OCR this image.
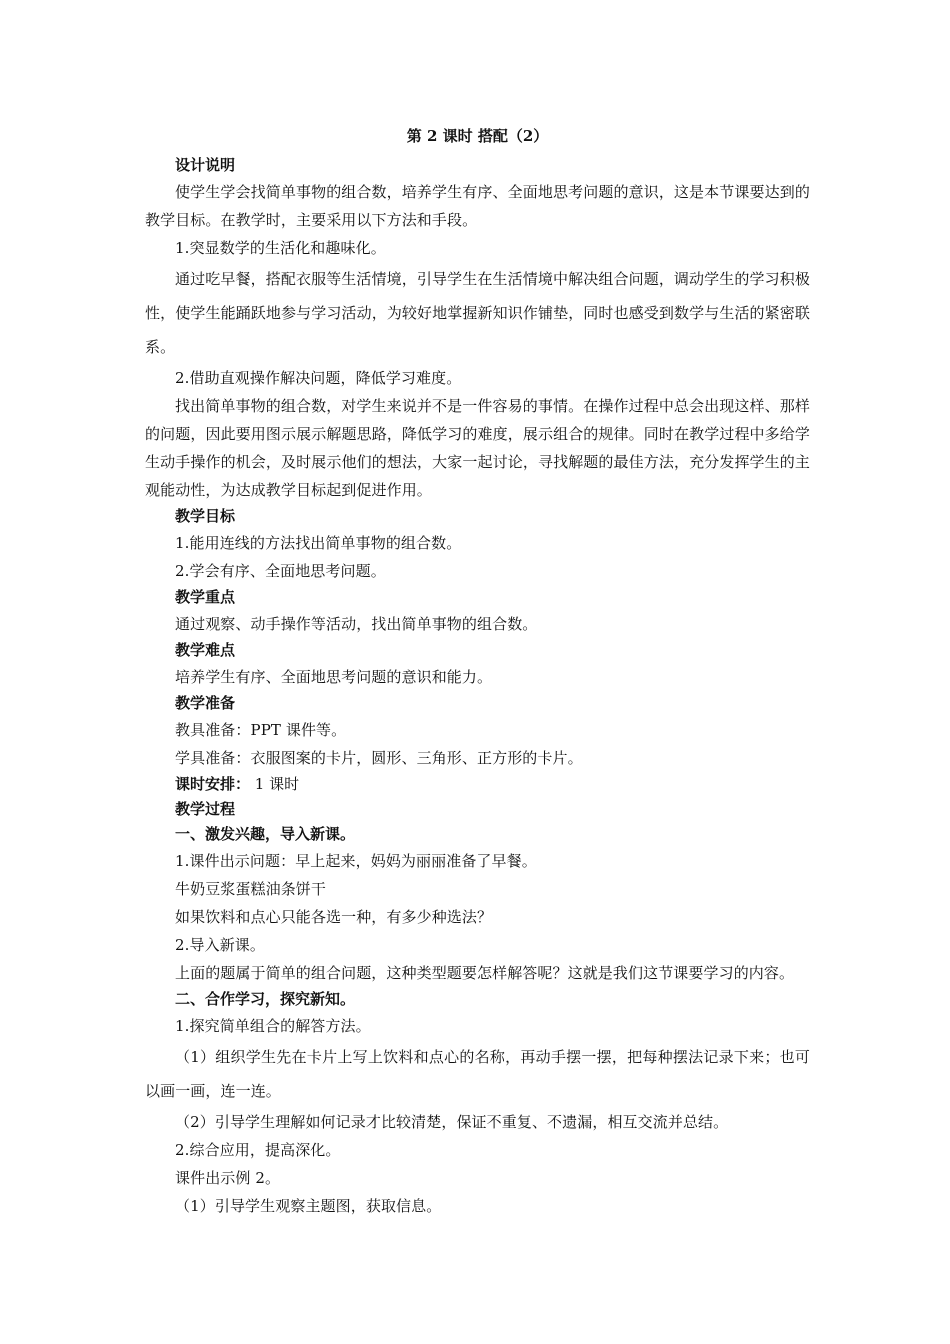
第 2 课时 搭配（2）

设计说明

使学生学会找简单事物的组合数，培养学生有序、全面地思考问题的意识，这是本节课要达到的教学目标。在教学时，主要采用以下方法和手段。

1.突显数学的生活化和趣味化。

通过吃早餐，搭配衣服等生活情境，引导学生在生活情境中解决组合问题，调动学生的学习积极性，使学生能踊跃地参与学习活动，为较好地掌握新知识作铺垫，同时也感受到数学与生活的紧密联系。

2.借助直观操作解决问题，降低学习难度。

找出简单事物的组合数，对学生来说并不是一件容易的事情。在操作过程中总会出现这样、那样的问题，因此要用图示展示解题思路，降低学习的难度，展示组合的规律。同时在教学过程中多给学生动手操作的机会，及时展示他们的想法，大家一起讨论，寻找解题的最佳方法，充分发挥学生的主观能动性，为达成教学目标起到促进作用。

教学目标

1.能用连线的方法找出简单事物的组合数。

2.学会有序、全面地思考问题。

教学重点

通过观察、动手操作等活动，找出简单事物的组合数。

教学难点

培养学生有序、全面地思考问题的意识和能力。

教学准备

教具准备：PPT 课件等。

学具准备：衣服图案的卡片，圆形、三角形、正方形的卡片。

课时安排： 1 课时

教学过程

一、激发兴趣，导入新课。

1.课件出示问题：早上起来，妈妈为丽丽准备了早餐。

牛奶豆浆蛋糕油条饼干

如果饮料和点心只能各选一种，有多少种选法？

2.导入新课。

上面的题属于简单的组合问题，这种类型题要怎样解答呢？这就是我们这节课要学习的内容。

二、合作学习，探究新知。

1.探究简单组合的解答方法。

（1）组织学生先在卡片上写上饮料和点心的名称，再动手摆一摆，把每种摆法记录下来；也可以画一画，连一连。

（2）引导学生理解如何记录才比较清楚，保证不重复、不遗漏，相互交流并总结。

2.综合应用，提高深化。

课件出示例 2。

（1）引导学生观察主题图，获取信息。
